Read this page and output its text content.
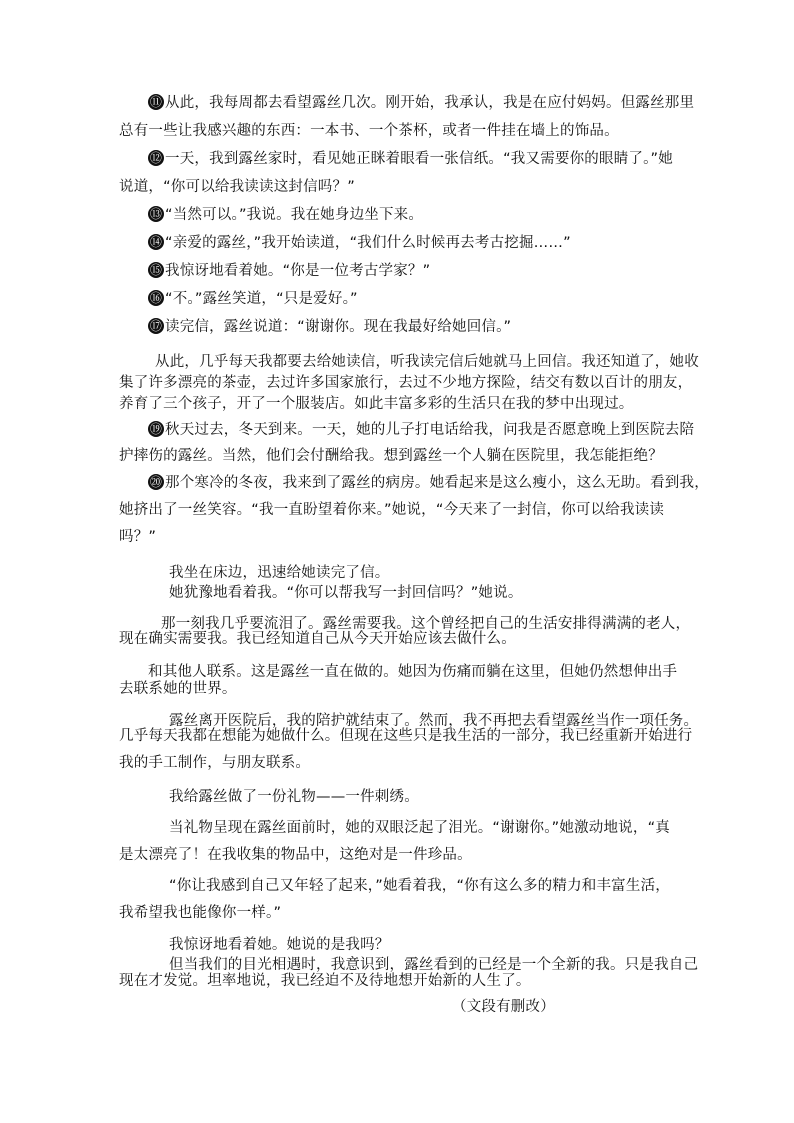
⑪ 从此，我每周都去看望露丝几次。刚开始，我承认，我是在应付妈妈。但露丝那里
总有一些让我感兴趣的东西：一本书、一个茶杯，或者一件挂在墙上的饰品。
⑫ 一天，我到露丝家时，看见她正眯着眼看一张信纸。“我又需要你的眼睛了。”她
说道，“你可以给我读读这封信吗？”
⑬ “当然可以。”我说。我在她身边坐下来。
⑭ “亲爱的露丝，”我开始读道，“我们什么时候再去考古挖掘……”
⑮ 我惊讶地看着她。“你是一位考古学家？”
⑯ “不。”露丝笑道，“只是爱好。”
⑰ 读完信，露丝说道：“谢谢你。现在我最好给她回信。”
从此，几乎每天我都要去给她读信，听我读完信后她就马上回信。我还知道了，她收
集了许多漂亮的茶壶，去过许多国家旅行，去过不少地方探险，结交有数以百计的朋友，
养育了三个孩子，开了一个服装店。如此丰富多彩的生活只在我的梦中出现过。
⑲ 秋天过去，冬天到来。一天，她的儿子打电话给我，问我是否愿意晚上到医院去陪
护摔伤的露丝。当然，他们会付酬给我。想到露丝一个人躺在医院里，我怎能拒绝？
⑳ 那个寒冷的冬夜，我来到了露丝的病房。她看起来是这么瘦小，这么无助。看到我，
她挤出了一丝笑容。“我一直盼望着你来。”她说，“今天来了一封信，你可以给我读读
吗？”
我坐在床边，迅速给她读完了信。
她犹豫地看着我。“你可以帮我写一封回信吗？”她说。
那一刻我几乎要流泪了。露丝需要我。这个曾经把自己的生活安排得满满的老人，
现在确实需要我。我已经知道自己从今天开始应该去做什么。
和其他人联系。这是露丝一直在做的。她因为伤痛而躺在这里，但她仍然想伸出手
去联系她的世界。
露丝离开医院后，我的陪护就结束了。然而，我不再把去看望露丝当作一项任务。
几乎每天我都在想能为她做什么。但现在这些只是我生活的一部分，我已经重新开始进行
我的手工制作，与朋友联系。
我给露丝做了一份礼物——一件刺绣。
当礼物呈现在露丝面前时，她的双眼泛起了泪光。“谢谢你。”她激动地说，“真
是太漂亮了！在我收集的物品中，这绝对是一件珍品。
“你让我感到自己又年轻了起来，”她看着我，“你有这么多的精力和丰富生活，
我希望我也能像你一样。”
我惊讶地看着她。她说的是我吗？
但当我们的目光相遇时，我意识到，露丝看到的已经是一个全新的我。只是我自己
现在才发觉。坦率地说，我已经迫不及待地想开始新的人生了。
（文段有删改）
